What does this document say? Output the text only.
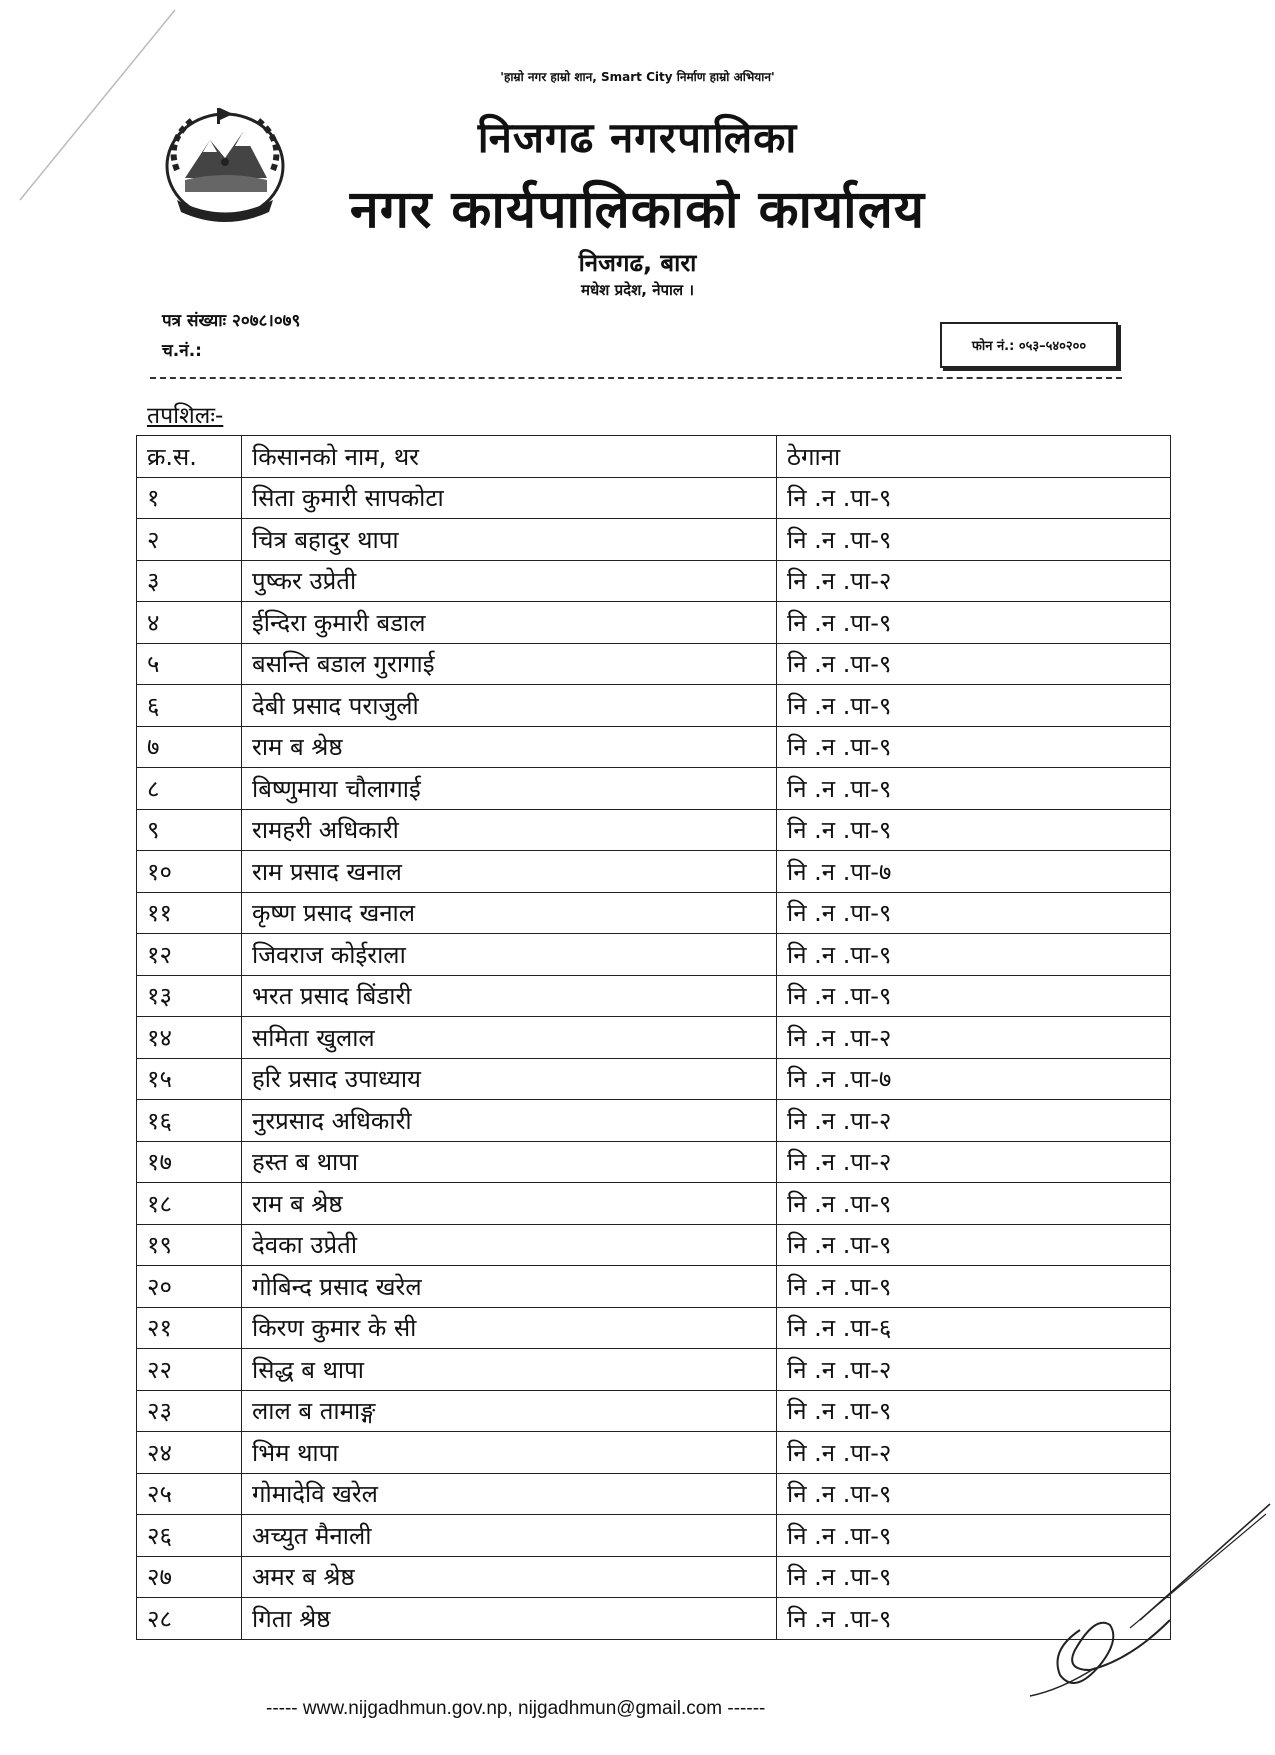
'हाम्रो नगर हाम्रो शान, Smart City निर्माण हाम्रो अभियान'
निजगढ नगरपालिका
नगर कार्यपालिकाको कार्यालय
निजगढ, बारा
मधेश प्रदेश, नेपाल ।
पत्र संख्याः २०७८।०७९
च.नं.:	फोन नं.: ०५३–५४०२००
तपशिलः-
क्र.स.	किसानको नाम, थर	ठेगाना
१	सिता कुमारी सापकोटा	नि .न .पा-९
२	चित्र बहादुर थापा	नि .न .पा-९
३	पुष्कर उप्रेती	नि .न .पा-२
४	ईन्दिरा कुमारी बडाल	नि .न .पा-९
५	बसन्ति बडाल गुरागाई	नि .न .पा-९
६	देबी प्रसाद पराजुली	नि .न .पा-९
७	राम ब श्रेष्ठ	नि .न .पा-९
८	बिष्णुमाया चौलागाई	नि .न .पा-९
९	रामहरी अधिकारी	नि .न .पा-९
१०	राम प्रसाद खनाल	नि .न .पा-७
११	कृष्ण प्रसाद खनाल	नि .न .पा-९
१२	जिवराज कोईराला	नि .न .पा-९
१३	भरत प्रसाद बिंडारी	नि .न .पा-९
१४	समिता खुलाल	नि .न .पा-२
१५	हरि प्रसाद उपाध्याय	नि .न .पा-७
१६	नुरप्रसाद अधिकारी	नि .न .पा-२
१७	हस्त ब थापा	नि .न .पा-२
१८	राम ब श्रेष्ठ	नि .न .पा-९
१९	देवका उप्रेती	नि .न .पा-९
२०	गोबिन्द प्रसाद खरेल	नि .न .पा-९
२१	किरण कुमार के सी	नि .न .पा-६
२२	सिद्ध ब थापा	नि .न .पा-२
२३	लाल ब तामाङ्ग	नि .न .पा-९
२४	भिम थापा	नि .न .पा-२
२५	गोमादेवि खरेल	नि .न .पा-९
२६	अच्युत मैनाली	नि .न .पा-९
२७	अमर ब श्रेष्ठ	नि .न .पा-९
२८	गिता श्रेष्ठ	नि .न .पा-९
----- www.nijgadhmun.gov.np, nijgadhmun@gmail.com ------
